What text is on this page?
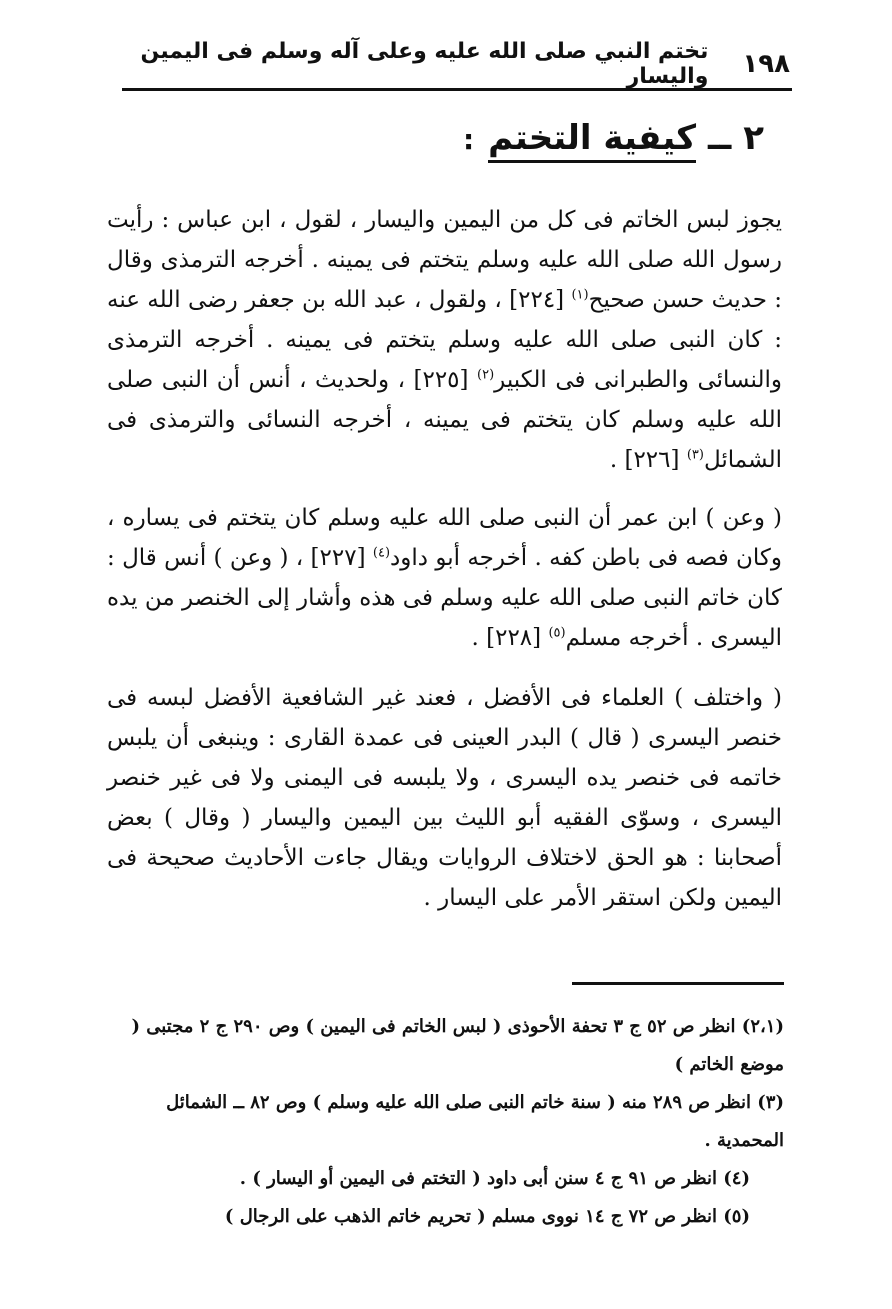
١٩٨
تختم النبي صلى الله عليه وعلى آله وسلم فى اليمين واليسار
٢
ــ
كيفية التختم
:

يجوز لبس الخاتم فى كل من اليمين واليسار ، لقول ، ابن عباس : رأيت رسول الله صلى الله عليه وسلم يتختم فى يمينه . أخرجه الترمذى وقال : حديث حسن صحيح$^{(١)}$ [٢٢٤] ، ولقول ، عبد الله بن جعفر رضى الله عنه : كان النبى صلى الله عليه وسلم يتختم فى يمينه . أخرجه الترمذى والنسائى والطبرانى فى الكبير$^{(٢)}$ [٢٢٥] ، ولحديث ، أنس أن النبى صلى الله عليه وسلم كان يتختم فى يمينه ، أخرجه النسائى والترمذى فى الشمائل$^{(٣)}$ [٢٢٦] .

( وعن ) ابن عمر أن النبى صلى الله عليه وسلم كان يتختم فى يساره ، وكان فصه فى باطن كفه . أخرجه أبو داود$^{(٤)}$ [٢٢٧] ، ( وعن ) أنس قال : كان خاتم النبى صلى الله عليه وسلم فى هذه وأشار إلى الخنصر من يده اليسرى . أخرجه مسلم$^{(٥)}$ [٢٢٨] .

( واختلف ) العلماء فى الأفضل ، فعند غير الشافعية الأفضل لبسه فى خنصر اليسرى ( قال ) البدر العينى فى عمدة القارى : وينبغى أن يلبس خاتمه فى خنصر يده اليسرى ، ولا يلبسه فى اليمنى ولا فى غير خنصر اليسرى ، وسوّى الفقيه أبو الليث بين اليمين واليسار ( وقال ) بعض أصحابنا : هو الحق لاختلاف الروايات ويقال جاءت الأحاديث صحيحة فى اليمين ولكن استقر الأمر على اليسار .

(٢،١) انظر ص ٥٢ ج ٣ تحفة الأحوذى ( لبس الخاتم فى اليمين ) وص ٢٩٠ ج ٢ مجتبى ( موضع الخاتم )

(٣) انظر ص ٢٨٩ منه ( سنة خاتم النبى صلى الله عليه وسلم ) وص ٨٢ ــ الشمائل المحمدية .

(٤) انظر ص ٩١ ج ٤ سنن أبى داود ( التختم فى اليمين أو اليسار ) .

(٥) انظر ص ٧٢ ج ١٤ نووى مسلم ( تحريم خاتم الذهب على الرجال )
